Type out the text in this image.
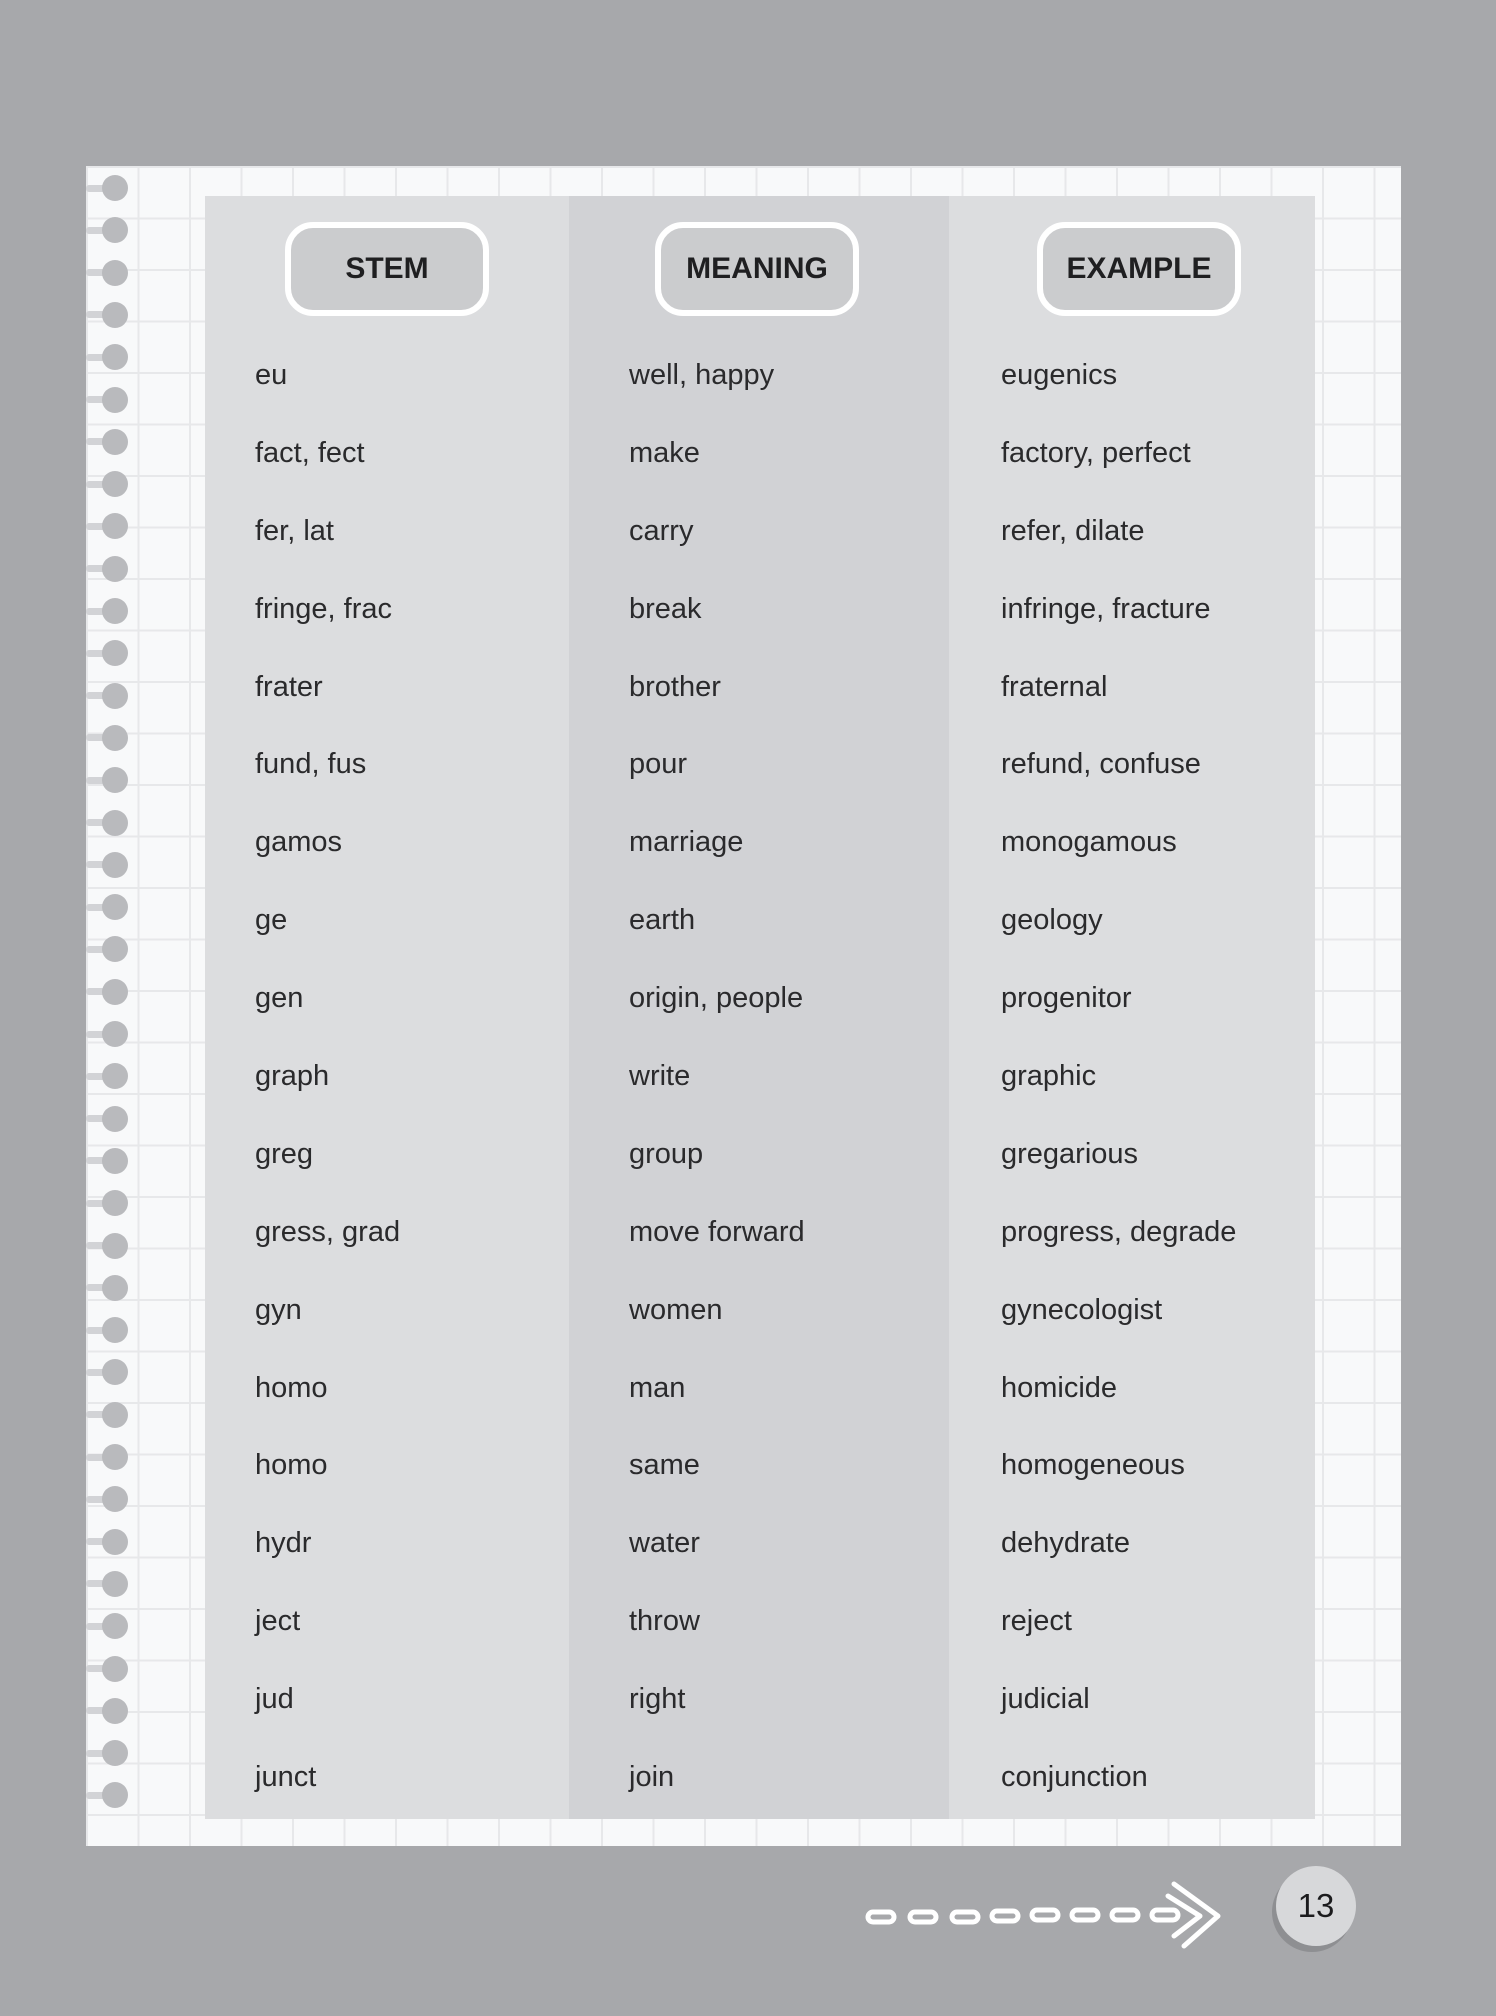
STEM
eu
fact, fect
fer, lat
fringe, frac
frater
fund, fus
gamos
ge
gen
graph
greg
gress, grad
gyn
homo
homo
hydr
ject
jud
junct
MEANING
well, happy
make
carry
break
brother
pour
marriage
earth
origin, people
write
group
move forward
women
man
same
water
throw
right
join
EXAMPLE
eugenics
factory, perfect
refer, dilate
infringe, fracture
fraternal
refund, confuse
monogamous
geology
progenitor
graphic
gregarious
progress, degrade
gynecologist
homicide
homogeneous
dehydrate
reject
judicial
conjunction
13
